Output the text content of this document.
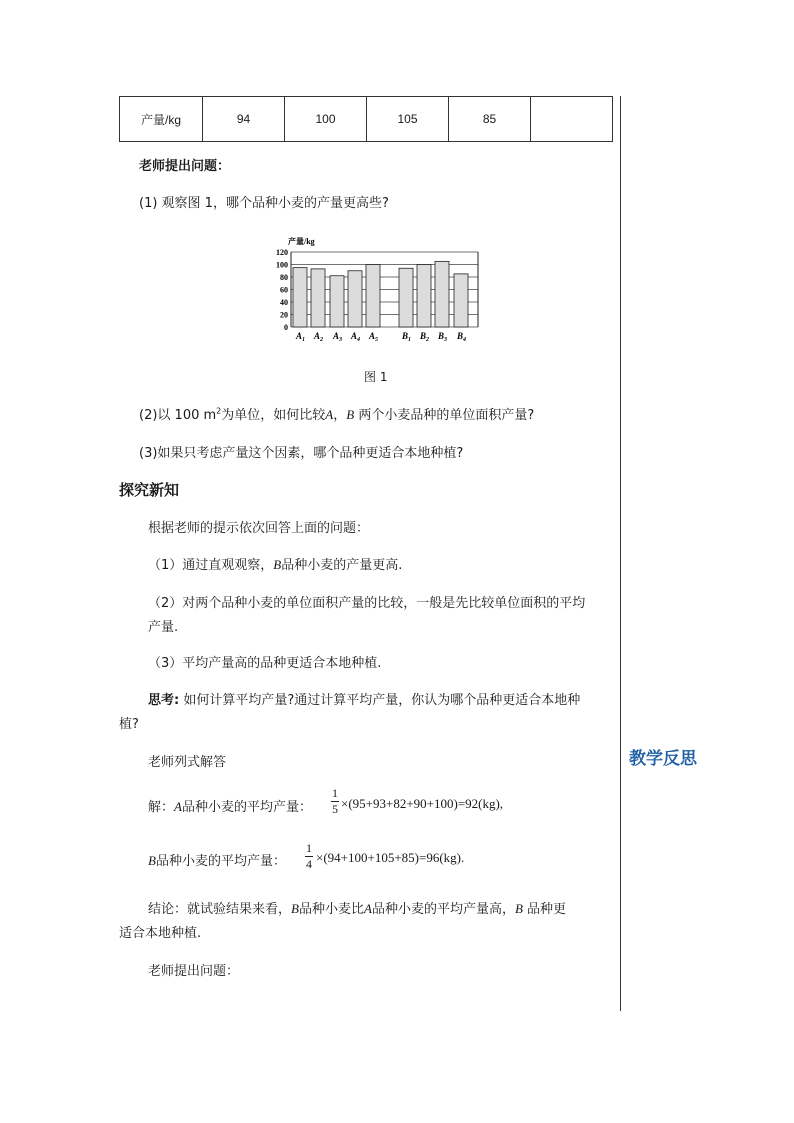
产量/kg	94	100	105	85	
老师提出问题：
(1) 观察图 1，哪个品种小麦的产量更高些?
产量/kg
0
20
40
60
80
100
120
$A_1$ $A_2$ $A_3$ $A_4$ $A_5$	$B_1$ $B_2$ $B_3$ $B_4$
图 1
(2)以 100 $m^2$为单位，如何比较A，B 两个小麦品种的单位面积产量?
(3)如果只考虑产量这个因素，哪个品种更适合本地种植?
探究新知
根据老师的提示依次回答上面的问题：
（1）通过直观观察，B品种小麦的产量更高.
（2）对两个品种小麦的单位面积产量的比较，一般是先比较单位面积的平均
产量.
（3）平均产量高的品种更适合本地种植.
思考: 如何计算平均产量?通过计算平均产量，你认为哪个品种更适合本地种
植?
老师列式解答	教学反思
解：A品种小麦的平均产量：
1
5 ×(95+93+82+90+100)=92(kg),
B品种小麦的平均产量：
1
4 ×(94+100+105+85)=96(kg).
结论：就试验结果来看，B品种小麦比A品种小麦的平均产量高，B 品种更
适合本地种植.
老师提出问题：
